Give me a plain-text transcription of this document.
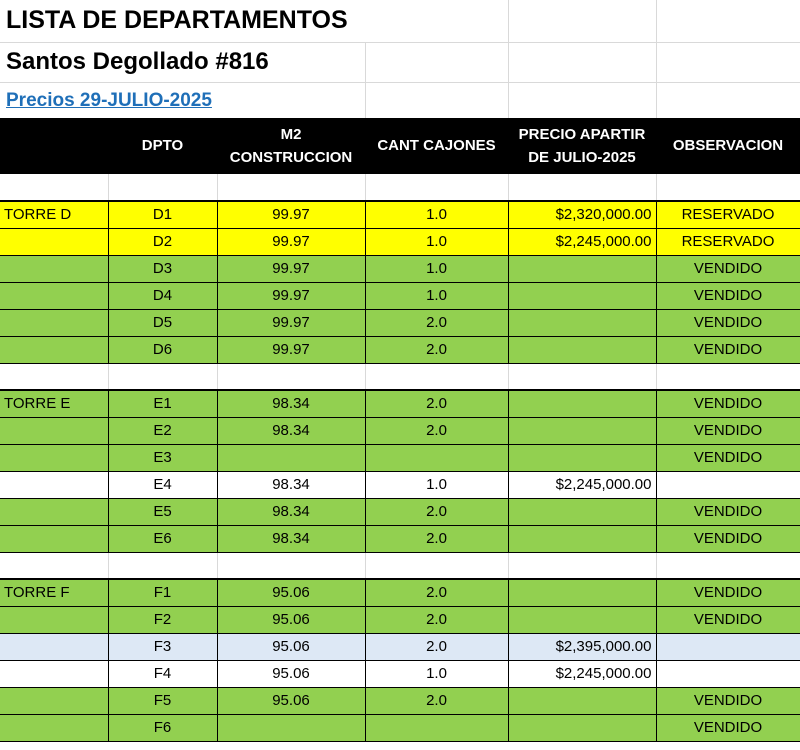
LISTA DE DEPARTAMENTOS					
Santos Degollado #816					
Precios 29-JULIO-2025					
	DPTO	M2 CONSTRUCCION	CANT CAJONES	PRECIO APARTIR DE JULIO-2025	OBSERVACION

TORRE D	D1	99.97	1.0	$2,320,000.00	RESERVADO
	D2	99.97	1.0	$2,245,000.00	RESERVADO
	D3	99.97	1.0		VENDIDO
	D4	99.97	1.0		VENDIDO
	D5	99.97	2.0		VENDIDO
	D6	99.97	2.0		VENDIDO

TORRE E	E1	98.34	2.0		VENDIDO
	E2	98.34	2.0		VENDIDO
	E3				VENDIDO
	E4	98.34	1.0	$2,245,000.00	
	E5	98.34	2.0		VENDIDO
	E6	98.34	2.0		VENDIDO

TORRE F	F1	95.06	2.0		VENDIDO
	F2	95.06	2.0		VENDIDO
	F3	95.06	2.0	$2,395,000.00	
	F4	95.06	1.0	$2,245,000.00	
	F5	95.06	2.0		VENDIDO
	F6				VENDIDO
